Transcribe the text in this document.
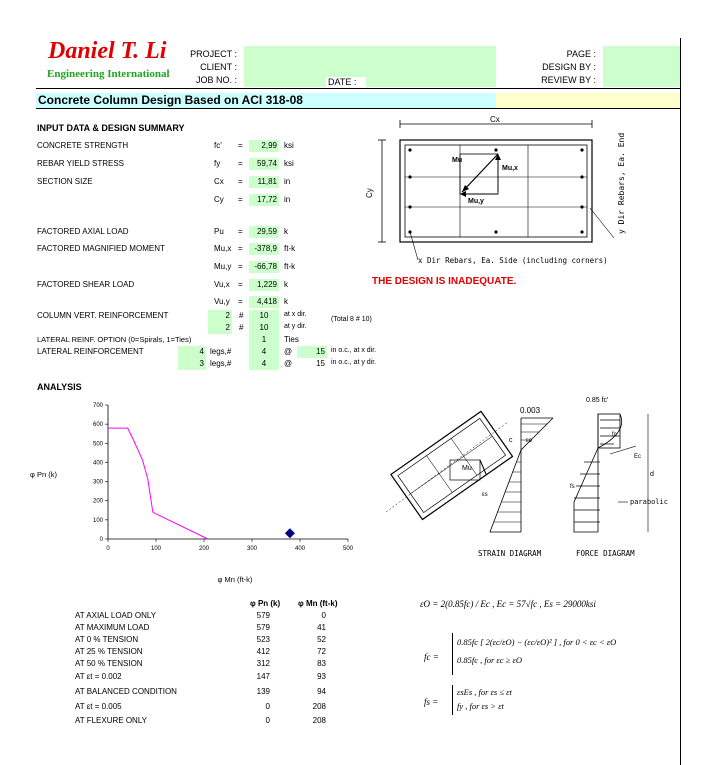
Daniel T. Li
Engineering International
PROJECT :
CLIENT :
JOB NO. :	DATE :
PAGE :
DESIGN BY :
REVIEW BY :
Concrete Column Design Based on ACI 318-08
INPUT DATA & DESIGN SUMMARY
CONCRETE STRENGTH	fc' =	2,99 ksi
REBAR YIELD STRESS	fy =	59,74 ksi
SECTION SIZE	Cx =	11,81 in
Cy =	17,72 in
FACTORED AXIAL LOAD	Pu =	29,59 k
FACTORED MAGNIFIED MOMENT	Mu,x =	-378,9 ft-k
Mu,y =	-66,78 ft-k
FACTORED SHEAR LOAD	Vu,x =	1,229 k
Vu,y =	4,418 k
COLUMN VERT. REINFORCEMENT	2 #	10	at x dir.
2 #	10	at y dir.
(Total 8 # 10)
LATERAL REINF. OPTION (0=Spirals, 1=Ties)	1	Ties
LATERAL REINFORCEMENT	4 legs,#	4	@	15 in o.c., at x dir.
3 legs,#	4	@	15 in o.c., at y dir.
THE DESIGN IS INADEQUATE.
Cx
Cy
Mu
Mu,x
Mu,y	y Dir Rebars, Ea. End
x Dir Rebars, Ea. Side (including corners)
ANALYSIS
0
100
200
300
400
500
600
700
0	100	200	300	400	500
φ Pn (k)
φ Mn (ft-k)
Mu
0.003
c εo
εs
0.85 fc'
fc
Ec
fs
d
parabolic
STRAIN DIAGRAM	FORCE DIAGRAM
φ Pn (k) φ Mn (ft-k)
AT AXIAL LOAD ONLY	579	0
AT MAXIMUM LOAD	579	41
AT 0 % TENSION	523	52
AT 25 % TENSION	412	72
AT 50 % TENSION	312	83
AT εt = 0.002	147	93
AT BALANCED CONDITION	139	94
AT εt = 0.005	0	208
AT FLEXURE ONLY	0	208
εO = 2(0.85fc) / Ec , Ec = 57√fc , Es = 29000ksi
fc =
0.85fc [ 2(εc/εO) − (εc/εO)² ] , for 0 < εc < εO
0.85fc , for εc ≥ εO
fs =
εsEs , for εs ≤ εt
fy , for εs > εt
